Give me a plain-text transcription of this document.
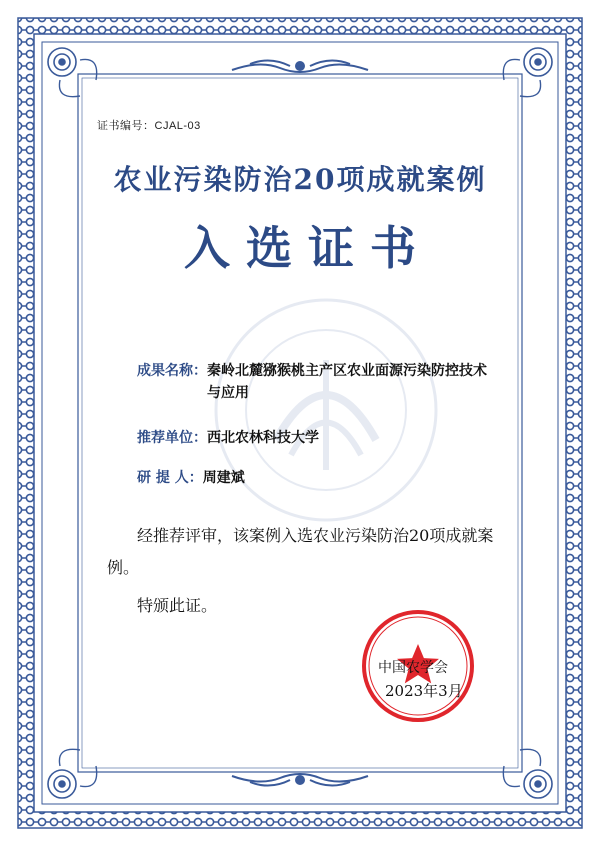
证书编号：CJAL-03
农业污染防治20项成就案例
入选证书
成果名称：秦岭北麓猕猴桃主产区农业面源污染防控技术
与应用
推荐单位：西北农林科技大学
研 提 人：周建斌
经推荐评审，该案例入选农业污染防治20项成就案例。
特颁此证。
中国农学会
2023年3月
